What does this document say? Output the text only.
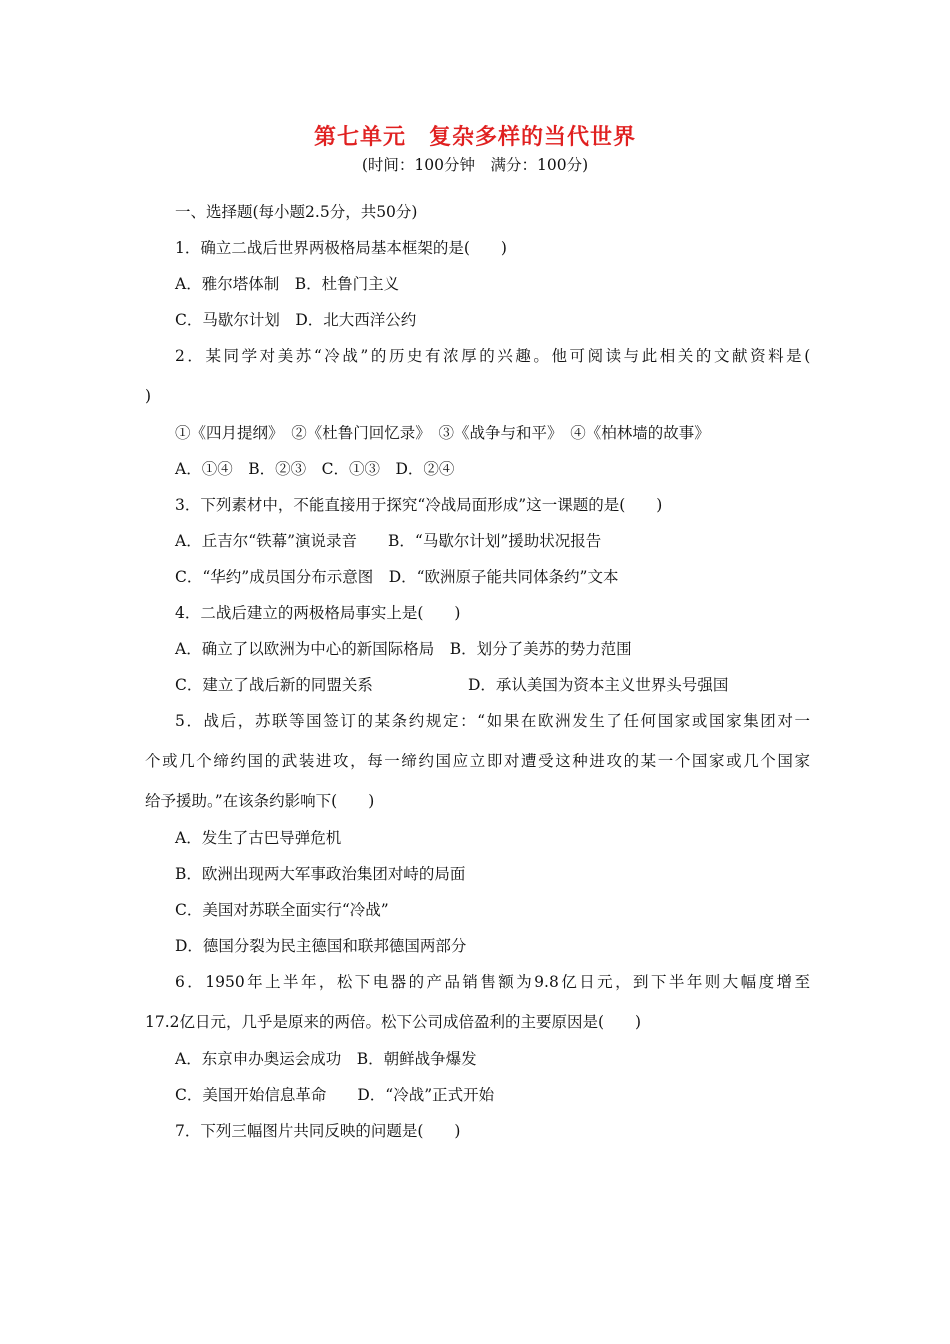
第七单元　复杂多样的当代世界
(时间：100分钟　满分：100分)
一、选择题(每小题2.5分，共50分)
1．确立二战后世界两极格局基本框架的是(　　)
A．雅尔塔体制　B．杜鲁门主义
C．马歇尔计划　D．北大西洋公约
2．某同学对美苏“冷战”的历史有浓厚的兴趣。他可阅读与此相关的文献资料是(
)
①《四月提纲》　②《杜鲁门回忆录》　③《战争与和平》　④《柏林墙的故事》
A．①④　B．②③　C．①③　D．②④
3．下列素材中，不能直接用于探究“冷战局面形成”这一课题的是(　　)
A．丘吉尔“铁幕”演说录音　　B．“马歇尔计划”援助状况报告
C．“华约”成员国分布示意图　D．“欧洲原子能共同体条约”文本
4．二战后建立的两极格局事实上是(　　)
A．确立了以欧洲为中心的新国际格局　B．划分了美苏的势力范围
C．建立了战后新的同盟关系	D．承认美国为资本主义世界头号强国
5．战后，苏联等国签订的某条约规定：“如果在欧洲发生了任何国家或国家集团对一
个或几个缔约国的武装进攻，每一缔约国应立即对遭受这种进攻的某一个国家或几个国家
给予援助。”在该条约影响下(　　)
A．发生了古巴导弹危机
B．欧洲出现两大军事政治集团对峙的局面
C．美国对苏联全面实行“冷战”
D．德国分裂为民主德国和联邦德国两部分
6．1950年上半年，松下电器的产品销售额为9.8亿日元，到下半年则大幅度增至
17.2亿日元，几乎是原来的两倍。松下公司成倍盈利的主要原因是(　　)
A．东京申办奥运会成功　B．朝鲜战争爆发
C．美国开始信息革命　　D．“冷战”正式开始
7．下列三幅图片共同反映的问题是(　　)
